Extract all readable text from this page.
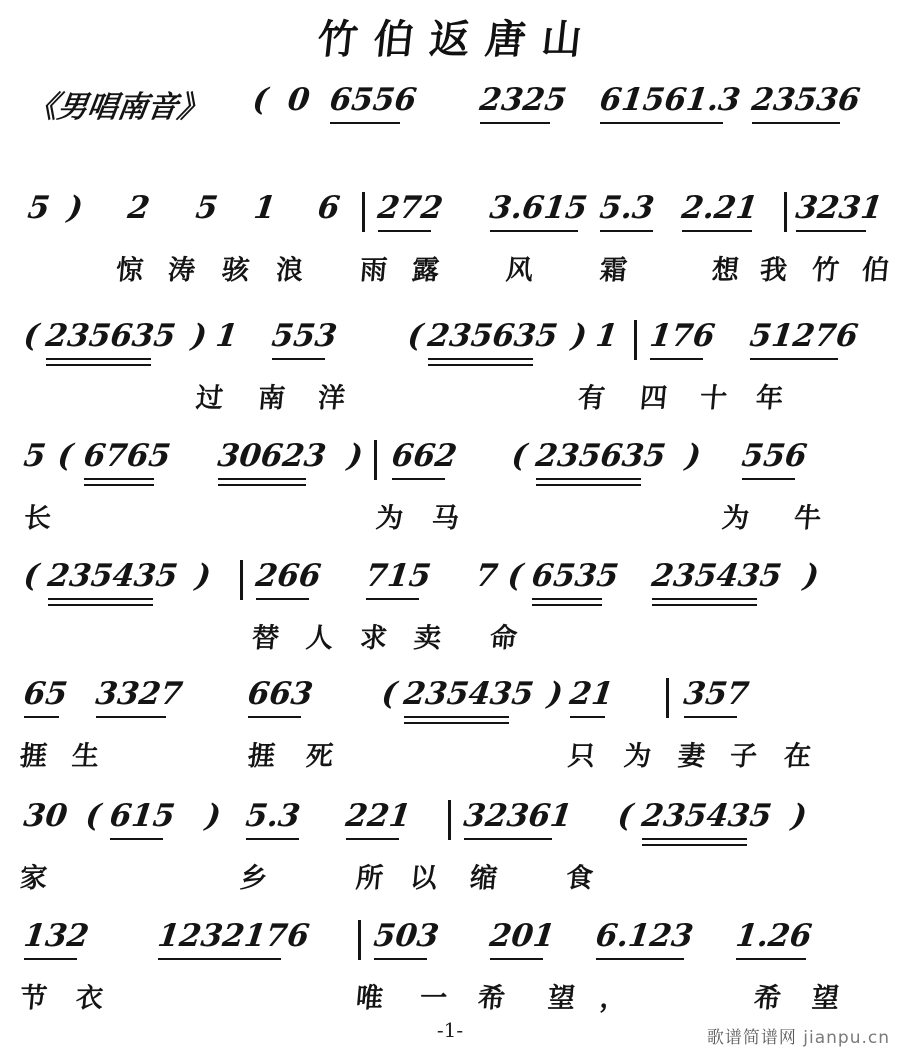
竹伯返唐山
《男唱南音》 ( 0 6556 2325 61561.3 23536
5 ) 2 5 1 6 272 3.615 5.3 2.21 3231
惊 涛 骇 浪 雨 露 风 霜	想 我 竹 伯
( 235635 ) 1 553 ( 235635 ) 1 176 51276
过 南 洋	有 四 十 年
5 ( 6765 30623 ) 662 ( 235635 ) 556
长	为 马	为 牛
( 235435 ) 266 715 7 ( 6535 235435 )
替 人 求 卖 命
65 3327 663 ( 235435 ) 21 357
捱 生	捱 死	只 为 妻 子 在
30 ( 615 ) 5.3 221 32361 ( 235435 )
家	乡	所 以 缩 食
132 1232176 503 201 6.123 1.26
节 衣	唯 一 希 望 ，	希 望
-1-	歌谱简谱网 jianpu.cn
